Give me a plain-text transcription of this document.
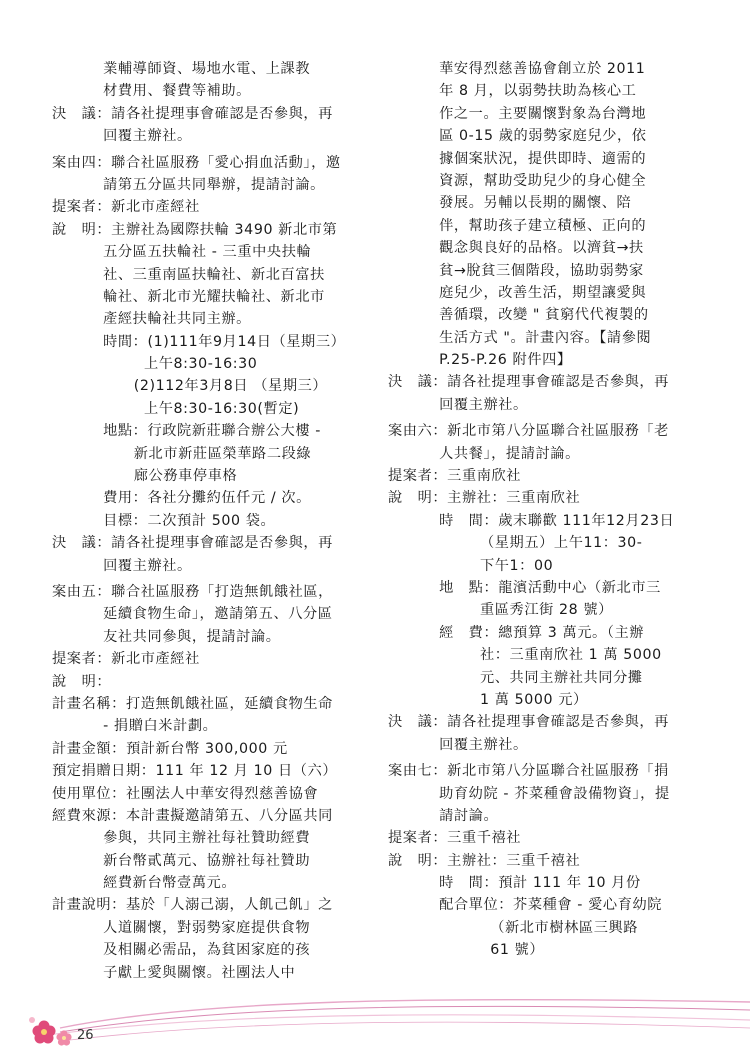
業輔導師資、場地水電、上課教
材費用、餐費等補助。
決　議：請各社提理事會確認是否參與，再
回覆主辦社。
案由四：聯合社區服務「愛心捐血活動」，邀
請第五分區共同舉辦，提請討論。
提案者：新北市產經社
說　明：主辦社為國際扶輪 3490 新北市第
五分區五扶輪社 - 三重中央扶輪
社、三重南區扶輪社、新北百富扶
輪社、新北市光耀扶輪社、新北市
產經扶輪社共同主辦。
時間：(1)111年9月14日（星期三）
上午8:30-16:30
(2)112年3月8日 （星期三）
上午8:30-16:30(暫定)
地點：行政院新莊聯合辦公大樓 -
新北市新莊區榮華路二段綠
廊公務車停車格
費用：各社分攤約伍仟元 / 次。
目標：二次預計 500 袋。
決　議：請各社提理事會確認是否參與，再
回覆主辦社。
案由五：聯合社區服務「打造無飢餓社區，
延續食物生命」，邀請第五、八分區
友社共同參與，提請討論。
提案者：新北市產經社
說　明：
計畫名稱：打造無飢餓社區，延續食物生命
- 捐贈白米計劃。
計畫金額：預計新台幣 300,000 元
預定捐贈日期：111 年 12 月 10 日（六）
使用單位：社團法人中華安得烈慈善協會
經費來源：本計畫擬邀請第五、八分區共同
參與，共同主辦社每社贊助經費
新台幣貳萬元、協辦社每社贊助
經費新台幣壹萬元。
計畫說明：基於「人溺己溺，人飢己飢」之
人道關懷，對弱勢家庭提供食物
及相關必需品，為貧困家庭的孩
子獻上愛與關懷。社團法人中
華安得烈慈善協會創立於 2011
年 8 月，以弱勢扶助為核心工
作之一。主要關懷對象為台灣地
區 0-15 歲的弱勢家庭兒少，依
據個案狀況，提供即時、適需的
資源，幫助受助兒少的身心健全
發展。另輔以長期的關懷、陪
伴，幫助孩子建立積極、正向的
觀念與良好的品格。以濟貧→扶
貧→脫貧三個階段，協助弱勢家
庭兒少，改善生活，期望讓愛與
善循環，改變 " 貧窮代代複製的
生活方式 "。計畫內容。【請參閱
P.25-P.26 附件四】
決　議：請各社提理事會確認是否參與，再
回覆主辦社。
案由六：新北市第八分區聯合社區服務「老
人共餐」，提請討論。
提案者：三重南欣社
說　明：主辦社：三重南欣社
時　間：歲末聯歡 111年12月23日
（星期五）上午11：30-
下午1：00
地　點：龍濱活動中心（新北市三
重區秀江街 28 號）
經　費：總預算 3 萬元。（主辦
社：三重南欣社 1 萬 5000
元、共同主辦社共同分攤
1 萬 5000 元）
決　議：請各社提理事會確認是否參與，再
回覆主辦社。
案由七：新北市第八分區聯合社區服務「捐
助育幼院 - 芥菜種會設備物資」，提
請討論。
提案者：三重千禧社
說　明：主辦社：三重千禧社
時　間：預計 111 年 10 月份
配合單位：芥菜種會 - 愛心育幼院
（新北市樹林區三興路
61 號）
26
